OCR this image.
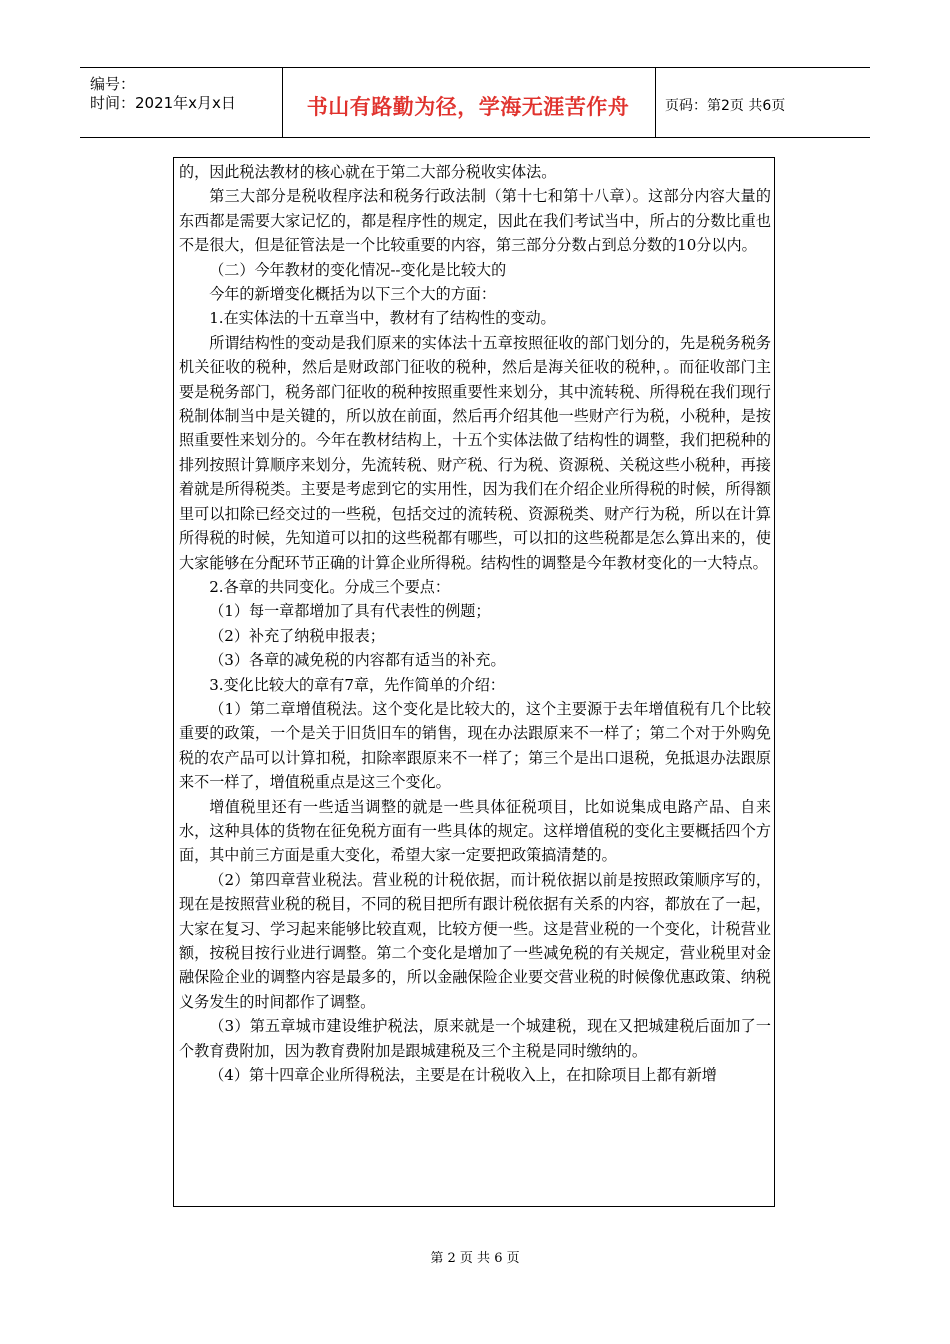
编号：
时间：2021年x月x日	书山有路勤为径，学海无涯苦作舟	页码：第2页 共6页

的，因此税法教材的核心就在于第二大部分税收实体法。

第三大部分是税收程序法和税务行政法制（第十七和第十八章）。这部分内容大量的东西都是需要大家记忆的，都是程序性的规定，因此在我们考试当中，所占的分数比重也不是很大，但是征管法是一个比较重要的内容，第三部分分数占到总分数的10分以内。

（二）今年教材的变化情况--变化是比较大的

今年的新增变化概括为以下三个大的方面：

1.在实体法的十五章当中，教材有了结构性的变动。

所谓结构性的变动是我们原来的实体法十五章按照征收的部门划分的，先是税务税务机关征收的税种，然后是财政部门征收的税种，然后是海关征收的税种，。而征收部门主要是税务部门，税务部门征收的税种按照重要性来划分，其中流转税、所得税在我们现行税制体制当中是关键的，所以放在前面，然后再介绍其他一些财产行为税，小税种，是按照重要性来划分的。今年在教材结构上，十五个实体法做了结构性的调整，我们把税种的排列按照计算顺序来划分，先流转税、财产税、行为税、资源税、关税这些小税种，再接着就是所得税类。主要是考虑到它的实用性，因为我们在介绍企业所得税的时候，所得额里可以扣除已经交过的一些税，包括交过的流转税、资源税类、财产行为税，所以在计算所得税的时候，先知道可以扣的这些税都有哪些，可以扣的这些税都是怎么算出来的，使大家能够在分配环节正确的计算企业所得税。结构性的调整是今年教材变化的一大特点。

2.各章的共同变化。分成三个要点：

（1）每一章都增加了具有代表性的例题；

（2）补充了纳税申报表；

（3）各章的减免税的内容都有适当的补充。

3.变化比较大的章有7章，先作简单的介绍：

（1）第二章增值税法。这个变化是比较大的，这个主要源于去年增值税有几个比较重要的政策，一个是关于旧货旧车的销售，现在办法跟原来不一样了；第二个对于外购免税的农产品可以计算扣税，扣除率跟原来不一样了；第三个是出口退税，免抵退办法跟原来不一样了，增值税重点是这三个变化。

增值税里还有一些适当调整的就是一些具体征税项目，比如说集成电路产品、自来水，这种具体的货物在征免税方面有一些具体的规定。这样增值税的变化主要概括四个方面，其中前三方面是重大变化，希望大家一定要把政策搞清楚的。

（2）第四章营业税法。营业税的计税依据，而计税依据以前是按照政策顺序写的，现在是按照营业税的税目，不同的税目把所有跟计税依据有关系的内容，都放在了一起，大家在复习、学习起来能够比较直观，比较方便一些。这是营业税的一个变化，计税营业额，按税目按行业进行调整。第二个变化是增加了一些减免税的有关规定，营业税里对金融保险企业的调整内容是最多的，所以金融保险企业要交营业税的时候像优惠政策、纳税义务发生的时间都作了调整。

（3）第五章城市建设维护税法，原来就是一个城建税，现在又把城建税后面加了一个教育费附加，因为教育费附加是跟城建税及三个主税是同时缴纳的。

（4）第十四章企业所得税法，主要是在计税收入上，在扣除项目上都有新增

第 2 页 共 6 页
